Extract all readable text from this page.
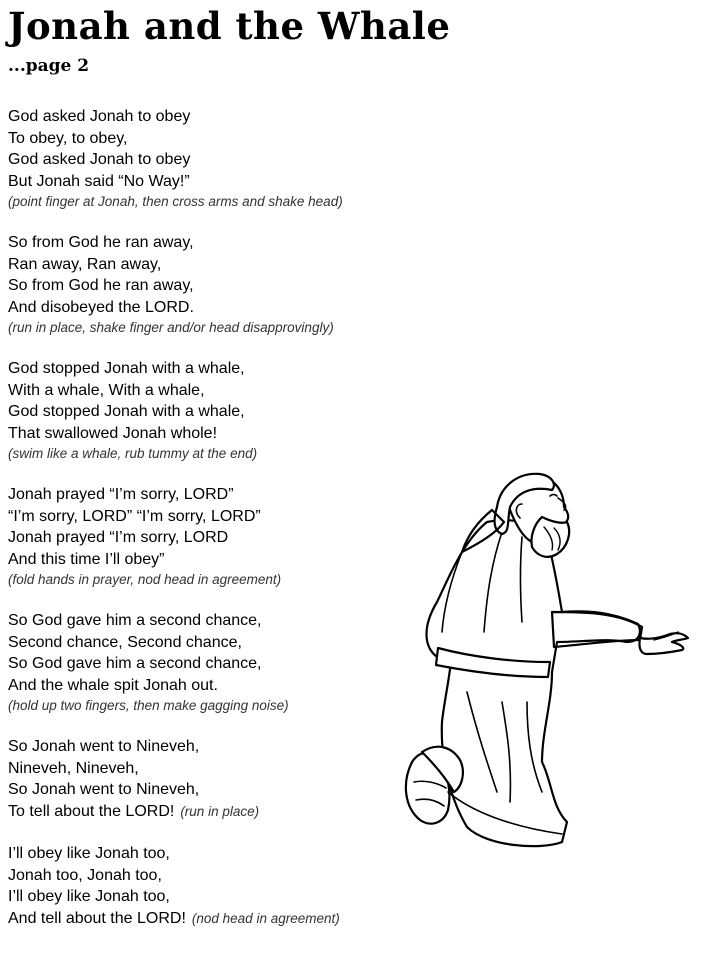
Jonah and the Whale
...page 2
God asked Jonah to obey
To obey, to obey,
God asked Jonah to obey
But Jonah said “No Way!”
(point finger at Jonah, then cross arms and shake head)
So from God he ran away,
Ran away, Ran away,
So from God he ran away,
And disobeyed the LORD.
(run in place, shake finger and/or head disapprovingly)
God stopped Jonah with a whale,
With a whale, With a whale,
God stopped Jonah with a whale,
That swallowed Jonah whole!
(swim like a whale, rub tummy at the end)
Jonah prayed “I’m sorry, LORD”
“I’m sorry, LORD” “I’m sorry, LORD”
Jonah prayed “I’m sorry, LORD
And this time I’ll obey”
(fold hands in prayer, nod head in agreement)
So God gave him a second chance,
Second chance, Second chance,
So God gave him a second chance,
And the whale spit Jonah out.
(hold up two fingers, then make gagging noise)
So Jonah went to Nineveh,
Nineveh, Nineveh,
So Jonah went to Nineveh,
To tell about the LORD! (run in place)
I’ll obey like Jonah too,
Jonah too, Jonah too,
I’ll obey like Jonah too,
And tell about the LORD! (nod head in agreement)
